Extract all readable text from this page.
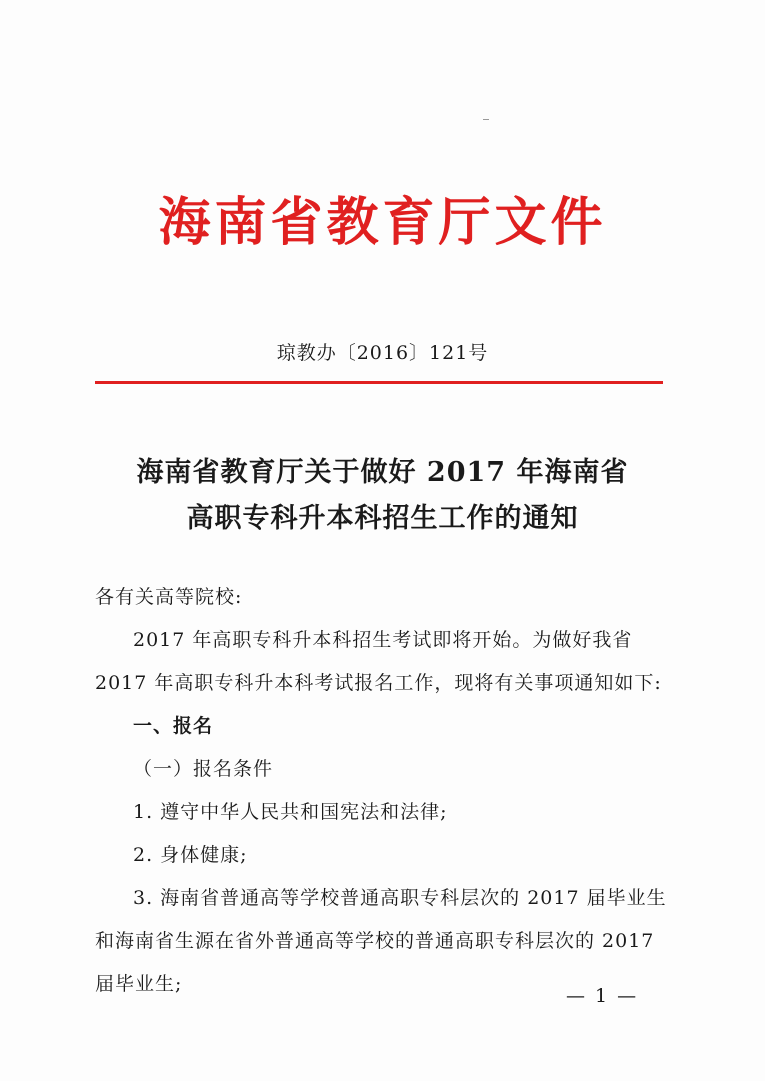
海南省教育厅文件
琼教办〔2016〕121号
海南省教育厅关于做好 2017 年海南省
高职专科升本科招生工作的通知

各有关高等院校:

2017 年高职专科升本科招生考试即将开始。为做好我省 2017 年高职专科升本科考试报名工作，现将有关事项通知如下:

一、报名

（一）报名条件

1. 遵守中华人民共和国宪法和法律;

2. 身体健康;

3. 海南省普通高等学校普通高职专科层次的 2017 届毕业生和海南省生源在省外普通高等学校的普通高职专科层次的 2017 届毕业生;

— 1 —
